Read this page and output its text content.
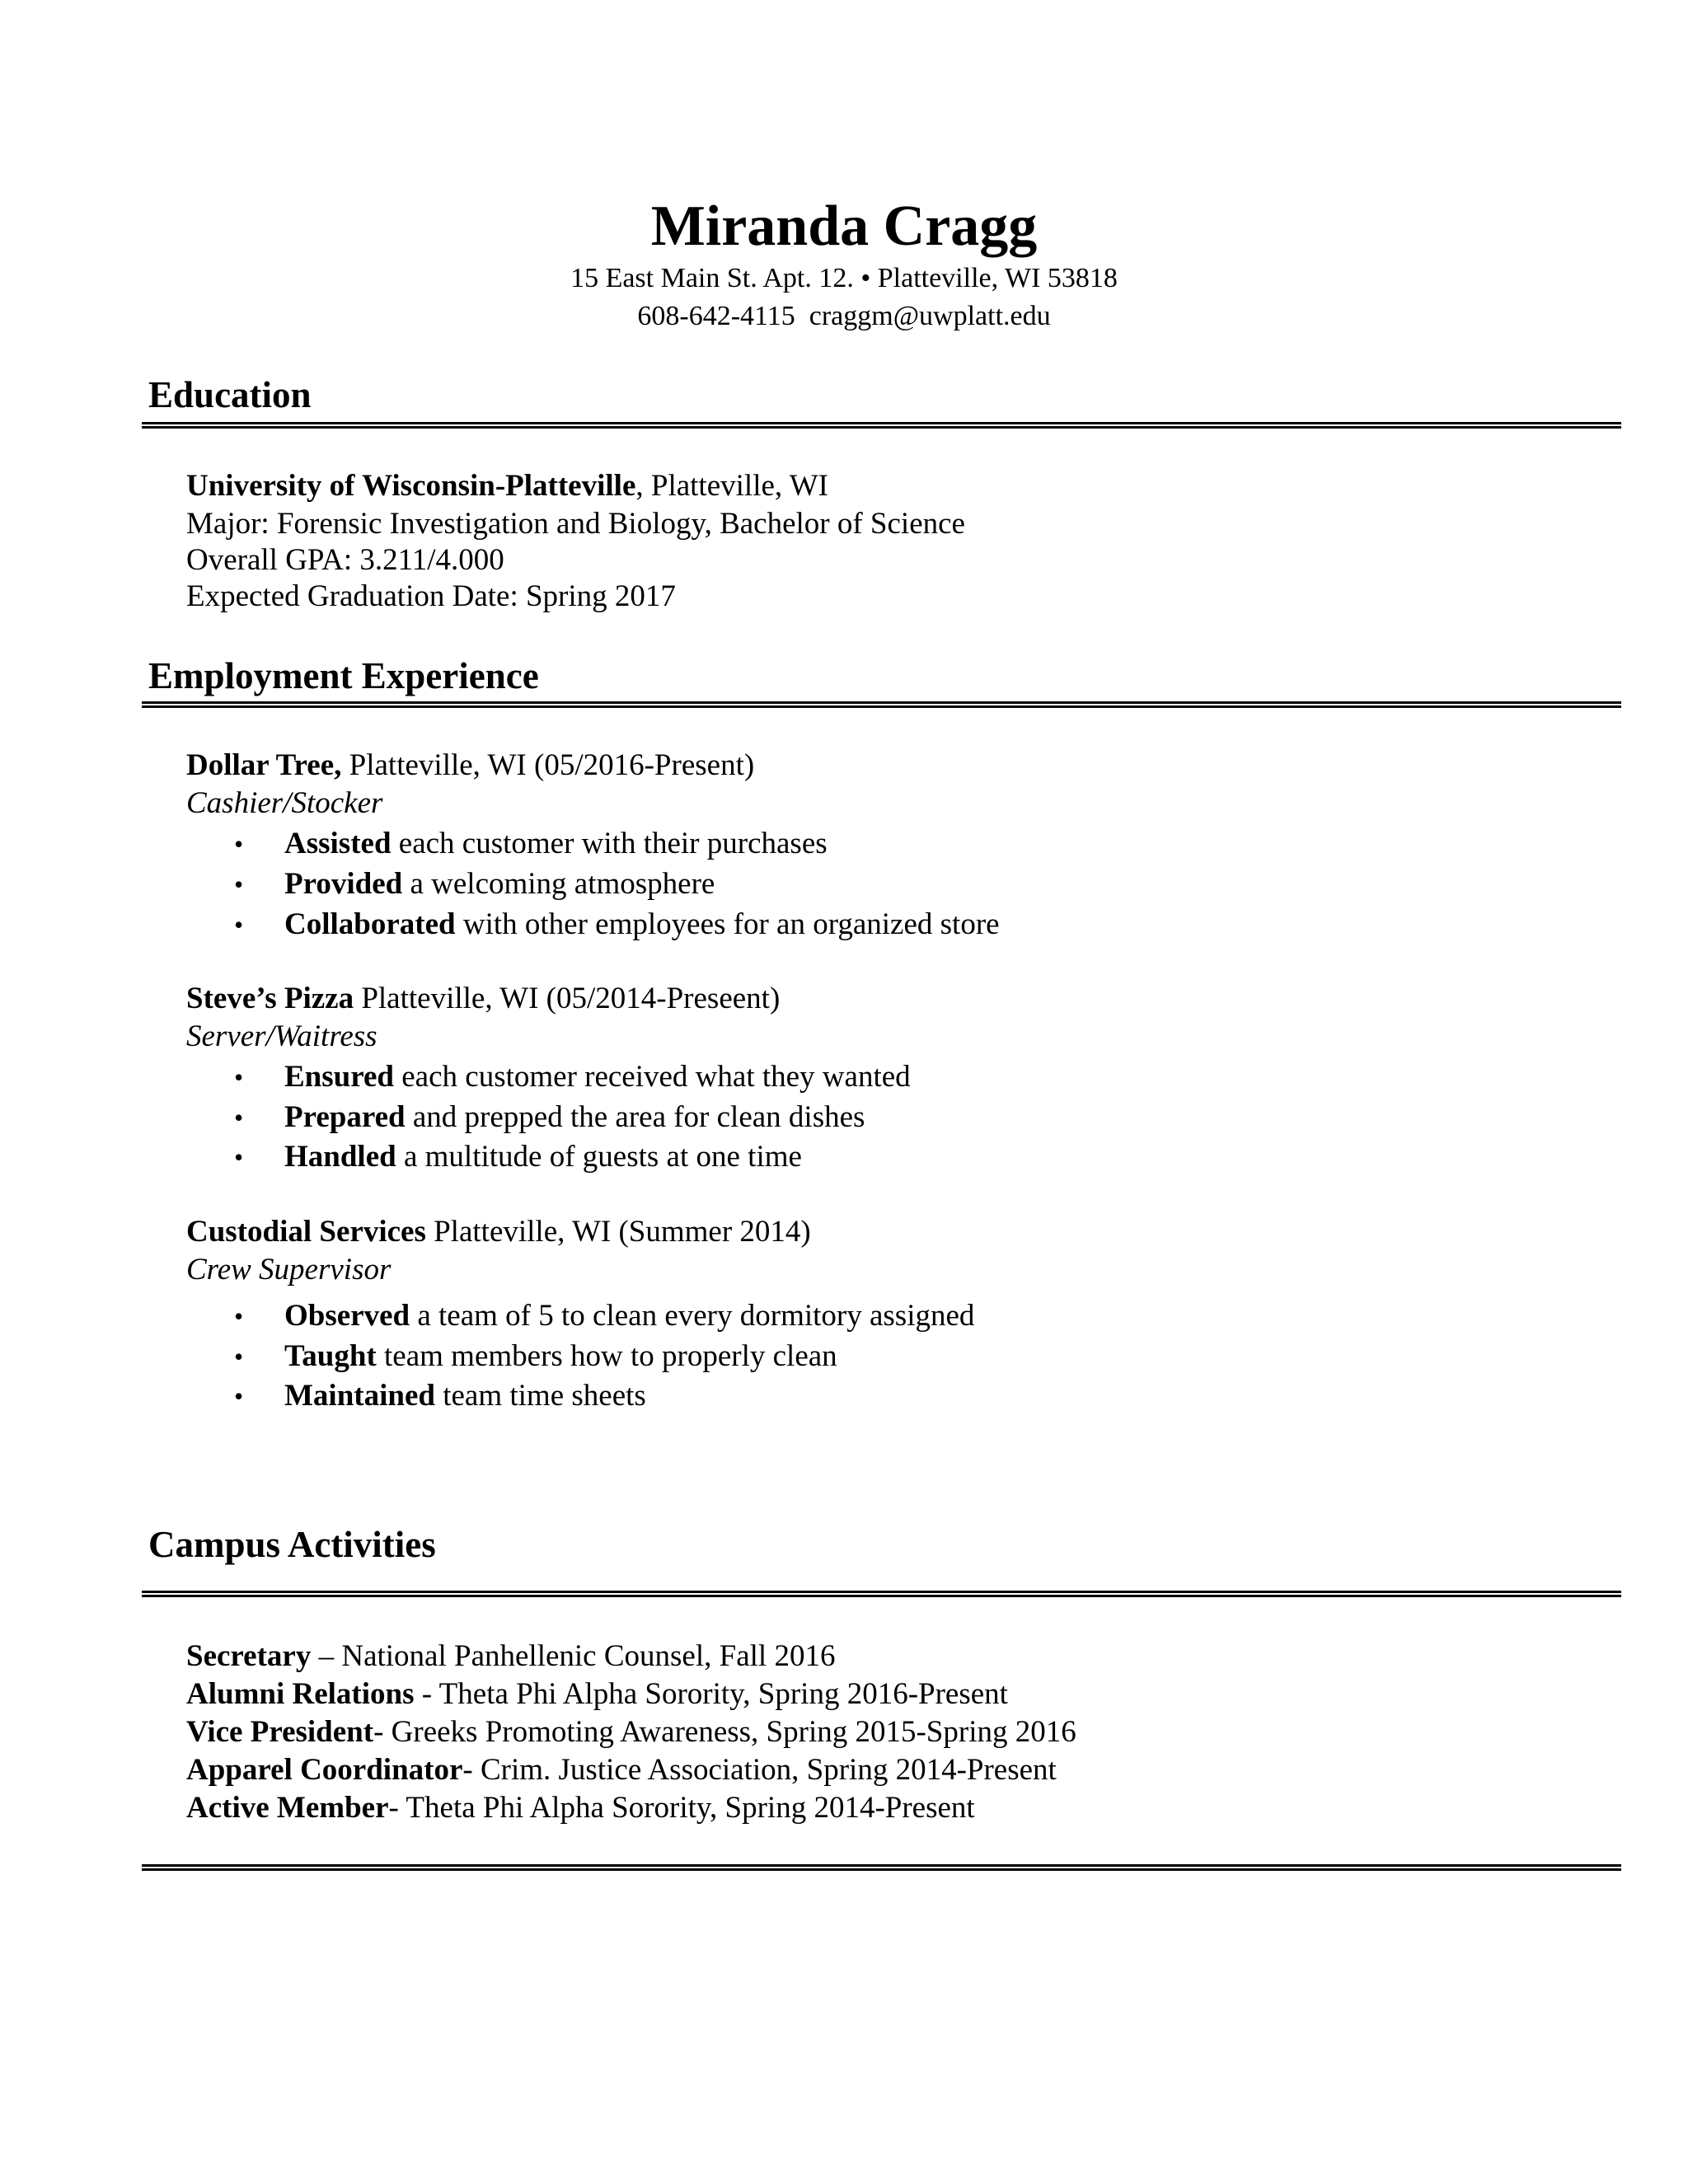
Miranda Cragg
15 East Main St. Apt. 12. • Platteville, WI 53818
608-642-4115 craggm@uwplatt.edu
Education
University of Wisconsin-Platteville, Platteville, WI
Major: Forensic Investigation and Biology, Bachelor of Science
Overall GPA: 3.211/4.000
Expected Graduation Date: Spring 2017
Employment Experience
Dollar Tree, Platteville, WI (05/2016-Present)
Cashier/Stocker
• Assisted each customer with their purchases
• Provided a welcoming atmosphere
• Collaborated with other employees for an organized store
Steve’s Pizza Platteville, WI (05/2014-Preseent)
Server/Waitress
• Ensured each customer received what they wanted
• Prepared and prepped the area for clean dishes
• Handled a multitude of guests at one time
Custodial Services Platteville, WI (Summer 2014)
Crew Supervisor
• Observed a team of 5 to clean every dormitory assigned
• Taught team members how to properly clean
• Maintained team time sheets
Campus Activities
Secretary – National Panhellenic Counsel, Fall 2016
Alumni Relations - Theta Phi Alpha Sorority, Spring 2016-Present
Vice President- Greeks Promoting Awareness, Spring 2015-Spring 2016
Apparel Coordinator- Crim. Justice Association, Spring 2014-Present
Active Member- Theta Phi Alpha Sorority, Spring 2014-Present
